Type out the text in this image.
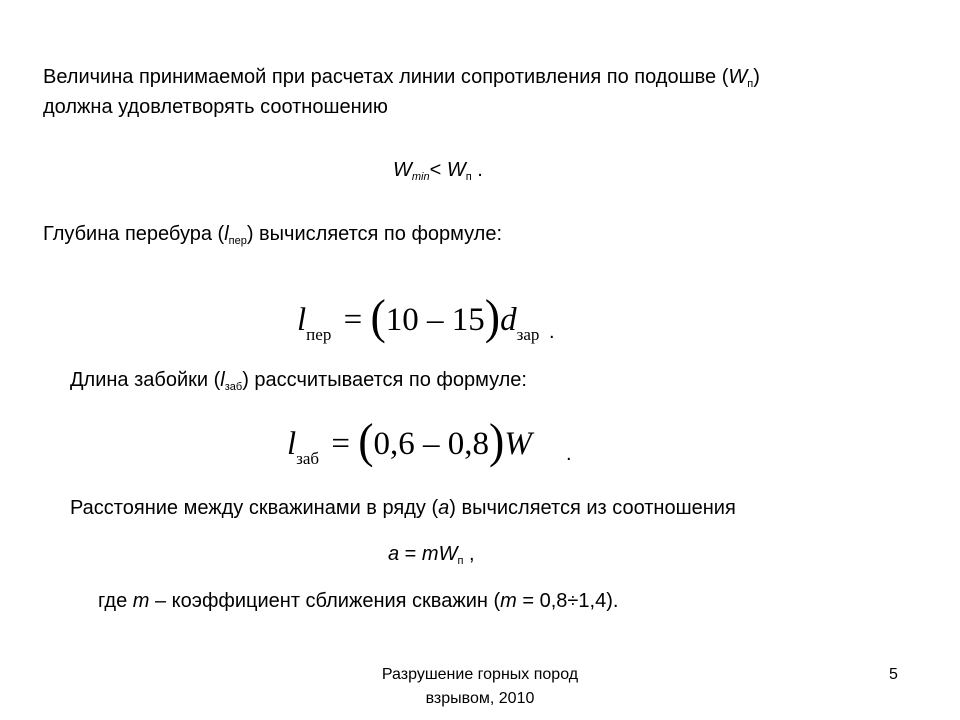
Величина принимаемой при расчетах линии сопротивления по подошве $(W_п)$
должна удовлетворять соотношению
$W_{min}< W_п$ .
Глубина перебура $(l_{пер})$ вычисляется по формуле:
$l_{пер} = (10 - 15)d_{зар}$ .
Длина забойки $(l_{заб})$ рассчитывается по формуле:
$l_{заб} = (0,6 - 0,8)W$ .
Расстояние между скважинами в ряду (а) вычисляется из соотношения
$а = mW_п$ ,
где m – коэффициент сближения скважин (m = 0,8÷1,4).
Разрушение горных пород
взрывом, 2010
5
